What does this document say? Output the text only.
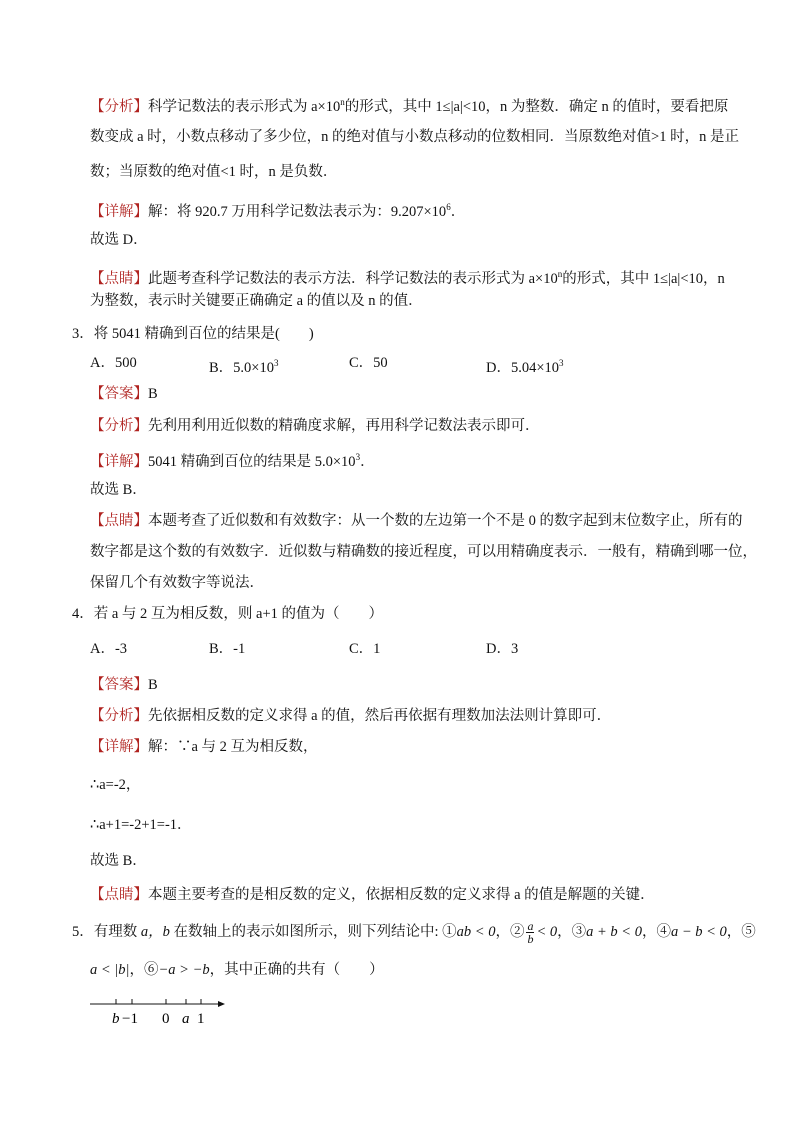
【分析】科学记数法的表示形式为 $a\times 10^n$的形式，其中 1≤|a|<10，n 为整数．确定 n 的值时，要看把原
数变成 a 时，小数点移动了多少位，n 的绝对值与小数点移动的位数相同．当原数绝对值>1 时，n 是正
数；当原数的绝对值<1 时，n 是负数．
【详解】解：将 920.7 万用科学记数法表示为：$9.207\times 10^6$．
故选 D．
【点睛】此题考查科学记数法的表示方法．科学记数法的表示形式为 $a\times 10^n$的形式，其中 1≤|a|<10，n
为整数，表示时关键要正确确定 a 的值以及 n 的值．
3．将 5041 精确到百位的结果是(　　)
A．500	B．$5.0\times 10^3$	C．50	D．$5.04\times 10^3$
【答案】B
【分析】先利用利用近似数的精确度求解，再用科学记数法表示即可．
【详解】5041 精确到百位的结果是 $5.0\times 10^3$．
故选 B．
【点睛】本题考查了近似数和有效数字：从一个数的左边第一个不是 0 的数字起到末位数字止，所有的
数字都是这个数的有效数字．近似数与精确数的接近程度，可以用精确度表示．一般有，精确到哪一位，
保留几个有效数字等说法．
4．若 a 与 2 互为相反数，则 a+1 的值为（　　）
A．-3	B．-1	C．1	D．3
【答案】B
【分析】先依据相反数的定义求得 a 的值，然后再依据有理数加法法则计算即可．
【详解】解：∵a 与 2 互为相反数，
∴a=-2，
∴a+1=-2+1=-1．
故选 B．
【点睛】本题主要考查的是相反数的定义，依据相反数的定义求得 a 的值是解题的关键．
5．有理数 a，b 在数轴上的表示如图所示，则下列结论中: ①ab < 0，② $\frac{a}{b} < 0$，③a + b < 0，④a − b < 0，⑤
a < |b|，⑥−a > −b，其中正确的共有（　　）
b −1 0 a 1
